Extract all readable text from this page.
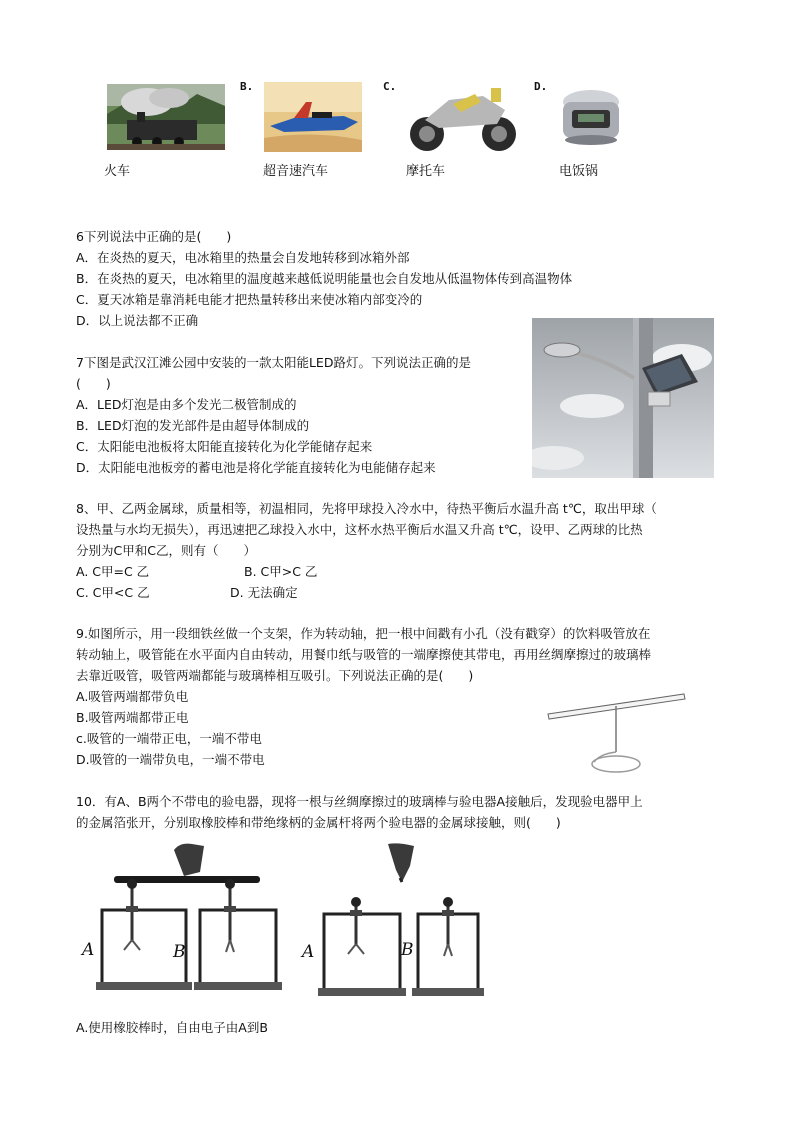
火车
B.
超音速汽车
C.
摩托车
D.
电饭锅
6下列说法中正确的是(　　)
A．在炎热的夏天，电冰箱里的热量会自发地转移到冰箱外部
B．在炎热的夏天，电冰箱里的温度越来越低说明能量也会自发地从低温物体传到高温物体
C．夏天冰箱是靠消耗电能才把热量转移出来使冰箱内部变冷的
D．以上说法都不正确
7下图是武汉江滩公园中安装的一款太阳能LED路灯。下列说法正确的是
(　　)
A．LED灯泡是由多个发光二极管制成的
B．LED灯泡的发光部件是由超导体制成的
C．太阳能电池板将太阳能直接转化为化学能储存起来
D．太阳能电池板旁的蓄电池是将化学能直接转化为电能储存起来
8、甲、乙两金属球，质量相等，初温相同，先将甲球投入冷水中，待热平衡后水温升高 t℃，取出甲球（
设热量与水均无损失），再迅速把乙球投入水中，这杯水热平衡后水温又升高 t℃，设甲、乙两球的比热
分别为C甲和C乙，则有（　　）
A. C甲=C 乙	B. C甲>C 乙
C. C甲<C 乙	D. 无法确定
9.如图所示，用一段细铁丝做一个支架，作为转动轴，把一根中间戳有小孔（没有戳穿）的饮料吸管放在
转动轴上，吸管能在水平面内自由转动，用餐巾纸与吸管的一端摩擦使其带电，再用丝绸摩擦过的玻璃棒
去靠近吸管，吸管两端都能与玻璃棒相互吸引。下列说法正确的是(　　)
A.吸管两端都带负电
B.吸管两端都带正电
c.吸管的一端带正电，一端不带电
D.吸管的一端带负电，一端不带电
10．有A、B两个不带电的验电器，现将一根与丝绸摩擦过的玻璃棒与验电器A接触后，发现验电器甲上
的金属箔张开，分别取橡胶棒和带绝缘柄的金属杆将两个验电器的金属球接触，则(　　)
A	B	A	B
A.使用橡胶棒时，自由电子由A到B
